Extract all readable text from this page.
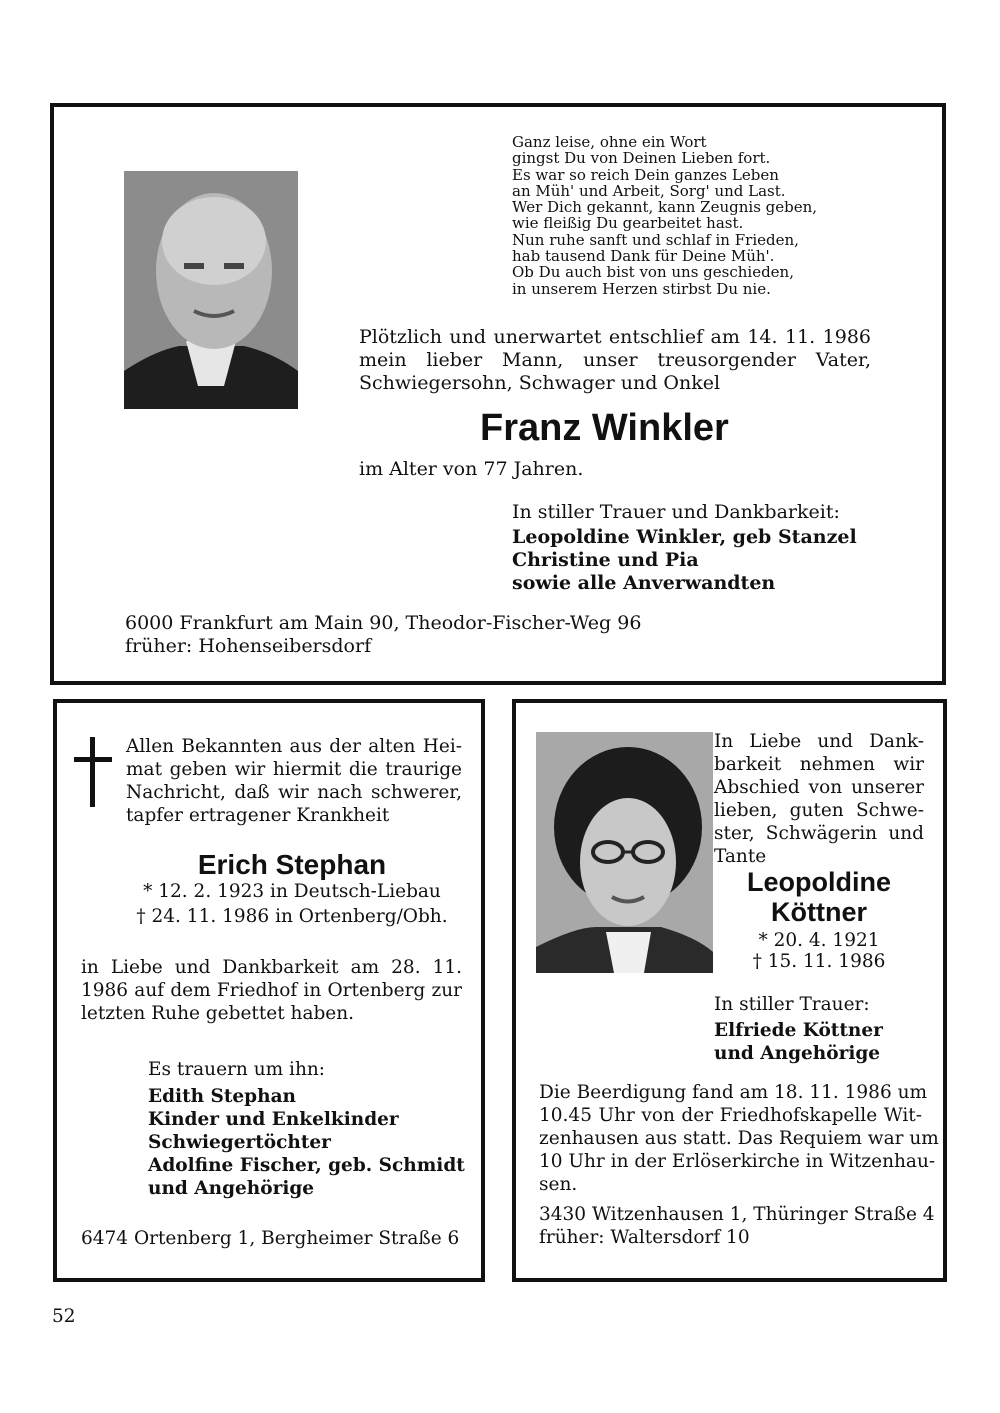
Ganz leise, ohne ein Wort
gingst Du von Deinen Lieben fort.
Es war so reich Dein ganzes Leben
an Müh' und Arbeit, Sorg' und Last.
Wer Dich gekannt, kann Zeugnis geben,
wie fleißig Du gearbeitet hast.
Nun ruhe sanft und schlaf in Frieden,
hab tausend Dank für Deine Müh'.
Ob Du auch bist von uns geschieden,
in unserem Herzen stirbst Du nie.
Plötzlich und unerwartet entschlief am 14. 11. 1986
mein lieber Mann, unser treusorgender Vater,
Schwiegersohn, Schwager und Onkel
Franz Winkler
im Alter von 77 Jahren.
In stiller Trauer und Dankbarkeit:
Leopoldine Winkler, geb Stanzel
Christine und Pia
sowie alle Anverwandten
6000 Frankfurt am Main 90, Theodor-Fischer-Weg 96
früher: Hohenseibersdorf
Allen Bekannten aus der alten Hei-
mat geben wir hiermit die traurige
Nachricht, daß wir nach schwerer,
tapfer ertragener Krankheit
Erich Stephan
* 12. 2. 1923 in Deutsch-Liebau
† 24. 11. 1986 in Ortenberg/Obh.
in Liebe und Dankbarkeit am 28. 11.
1986 auf dem Friedhof in Ortenberg zur
letzten Ruhe gebettet haben.
Es trauern um ihn:
Edith Stephan
Kinder und Enkelkinder
Schwiegertöchter
Adolfine Fischer, geb. Schmidt
und Angehörige
6474 Ortenberg 1, Bergheimer Straße 6
In Liebe und Dank-
barkeit nehmen wir
Abschied von unserer
lieben, guten Schwe-
ster, Schwägerin und
Tante
Leopoldine
Köttner
* 20. 4. 1921
† 15. 11. 1986
In stiller Trauer:
Elfriede Köttner
und Angehörige
Die Beerdigung fand am 18. 11. 1986 um
10.45 Uhr von der Friedhofskapelle Wit-
zenhausen aus statt. Das Requiem war um
10 Uhr in der Erlöserkirche in Witzenhau-
sen.
3430 Witzenhausen 1, Thüringer Straße 4
früher: Waltersdorf 10
52
